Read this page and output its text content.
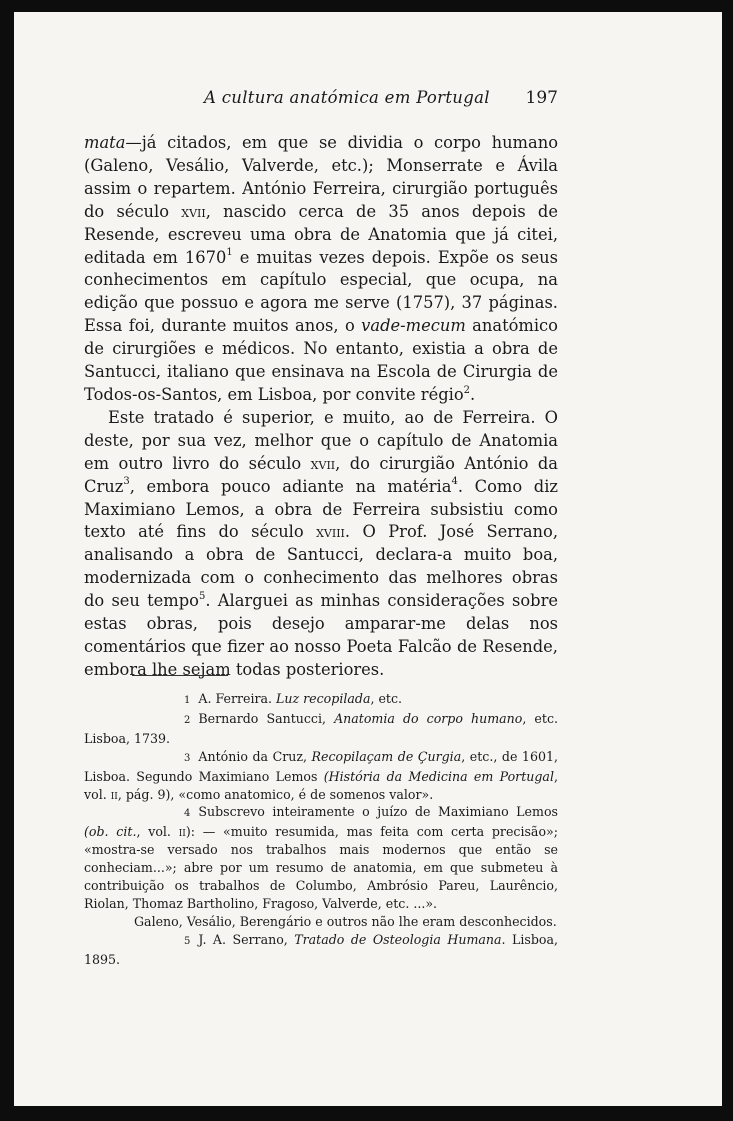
A cultura anatómica em Portugal 197

mata—já citados, em que se dividia o corpo humano (Galeno, Vesálio, Valverde, etc.); Monserrate e Ávila assim o repartem. António Ferreira, cirurgião português do século xvii, nascido cerca de 35 anos depois de Resende, escreveu uma obra de Anatomia que já citei, editada em 1670$^1$ e muitas vezes depois. Expõe os seus conhecimentos em capítulo especial, que ocupa, na edição que possuo e agora me serve (1757), 37 páginas. Essa foi, durante muitos anos, o vade-mecum anatómico de cirurgiões e médicos. No entanto, existia a obra de Santucci, italiano que ensinava na Escola de Cirurgia de Todos-os-Santos, em Lisboa, por convite régio$^2$.

Este tratado é superior, e muito, ao de Ferreira. O deste, por sua vez, melhor que o capítulo de Anatomia em outro livro do século xvii, do cirurgião António da Cruz$^3$, embora pouco adiante na matéria$^4$. Como diz Maximiano Lemos, a obra de Ferreira subsistiu como texto até fins do século xviii. O Prof. José Serrano, analisando a obra de Santucci, declara-a muito boa, modernizada com o conhecimento das melhores obras do seu tempo$^5$. Alarguei as minhas considerações sobre estas obras, pois desejo amparar-me delas nos comentários que fizer ao nosso Poeta Falcão de Resende, embora lhe sejam todas posteriores.

1 A. Ferreira. Luz recopilada, etc.

2 Bernardo Santucci, Anatomia do corpo humano, etc. Lisboa, 1739.

3 António da Cruz, Recopilaçam de Çurgia, etc., de 1601, Lisboa. Segundo Maximiano Lemos (História da Medicina em Portugal, vol. ii, pág. 9), «como anatomico, é de somenos valor».

4 Subscrevo inteiramente o juízo de Maximiano Lemos (ob. cit., vol. ii): — «muito resumida, mas feita com certa precisão»; «mostra-se versado nos trabalhos mais modernos que então se conheciam...»; abre por um resumo de anatomia, em que submeteu à contribuição os trabalhos de Columbo, Ambrósio Pareu, Laurêncio, Riolan, Thomaz Bartholino, Fragoso, Valverde, etc. ...».

Galeno, Vesálio, Berengário e outros não lhe eram desconhecidos.

5 J. A. Serrano, Tratado de Osteologia Humana. Lisboa, 1895.
